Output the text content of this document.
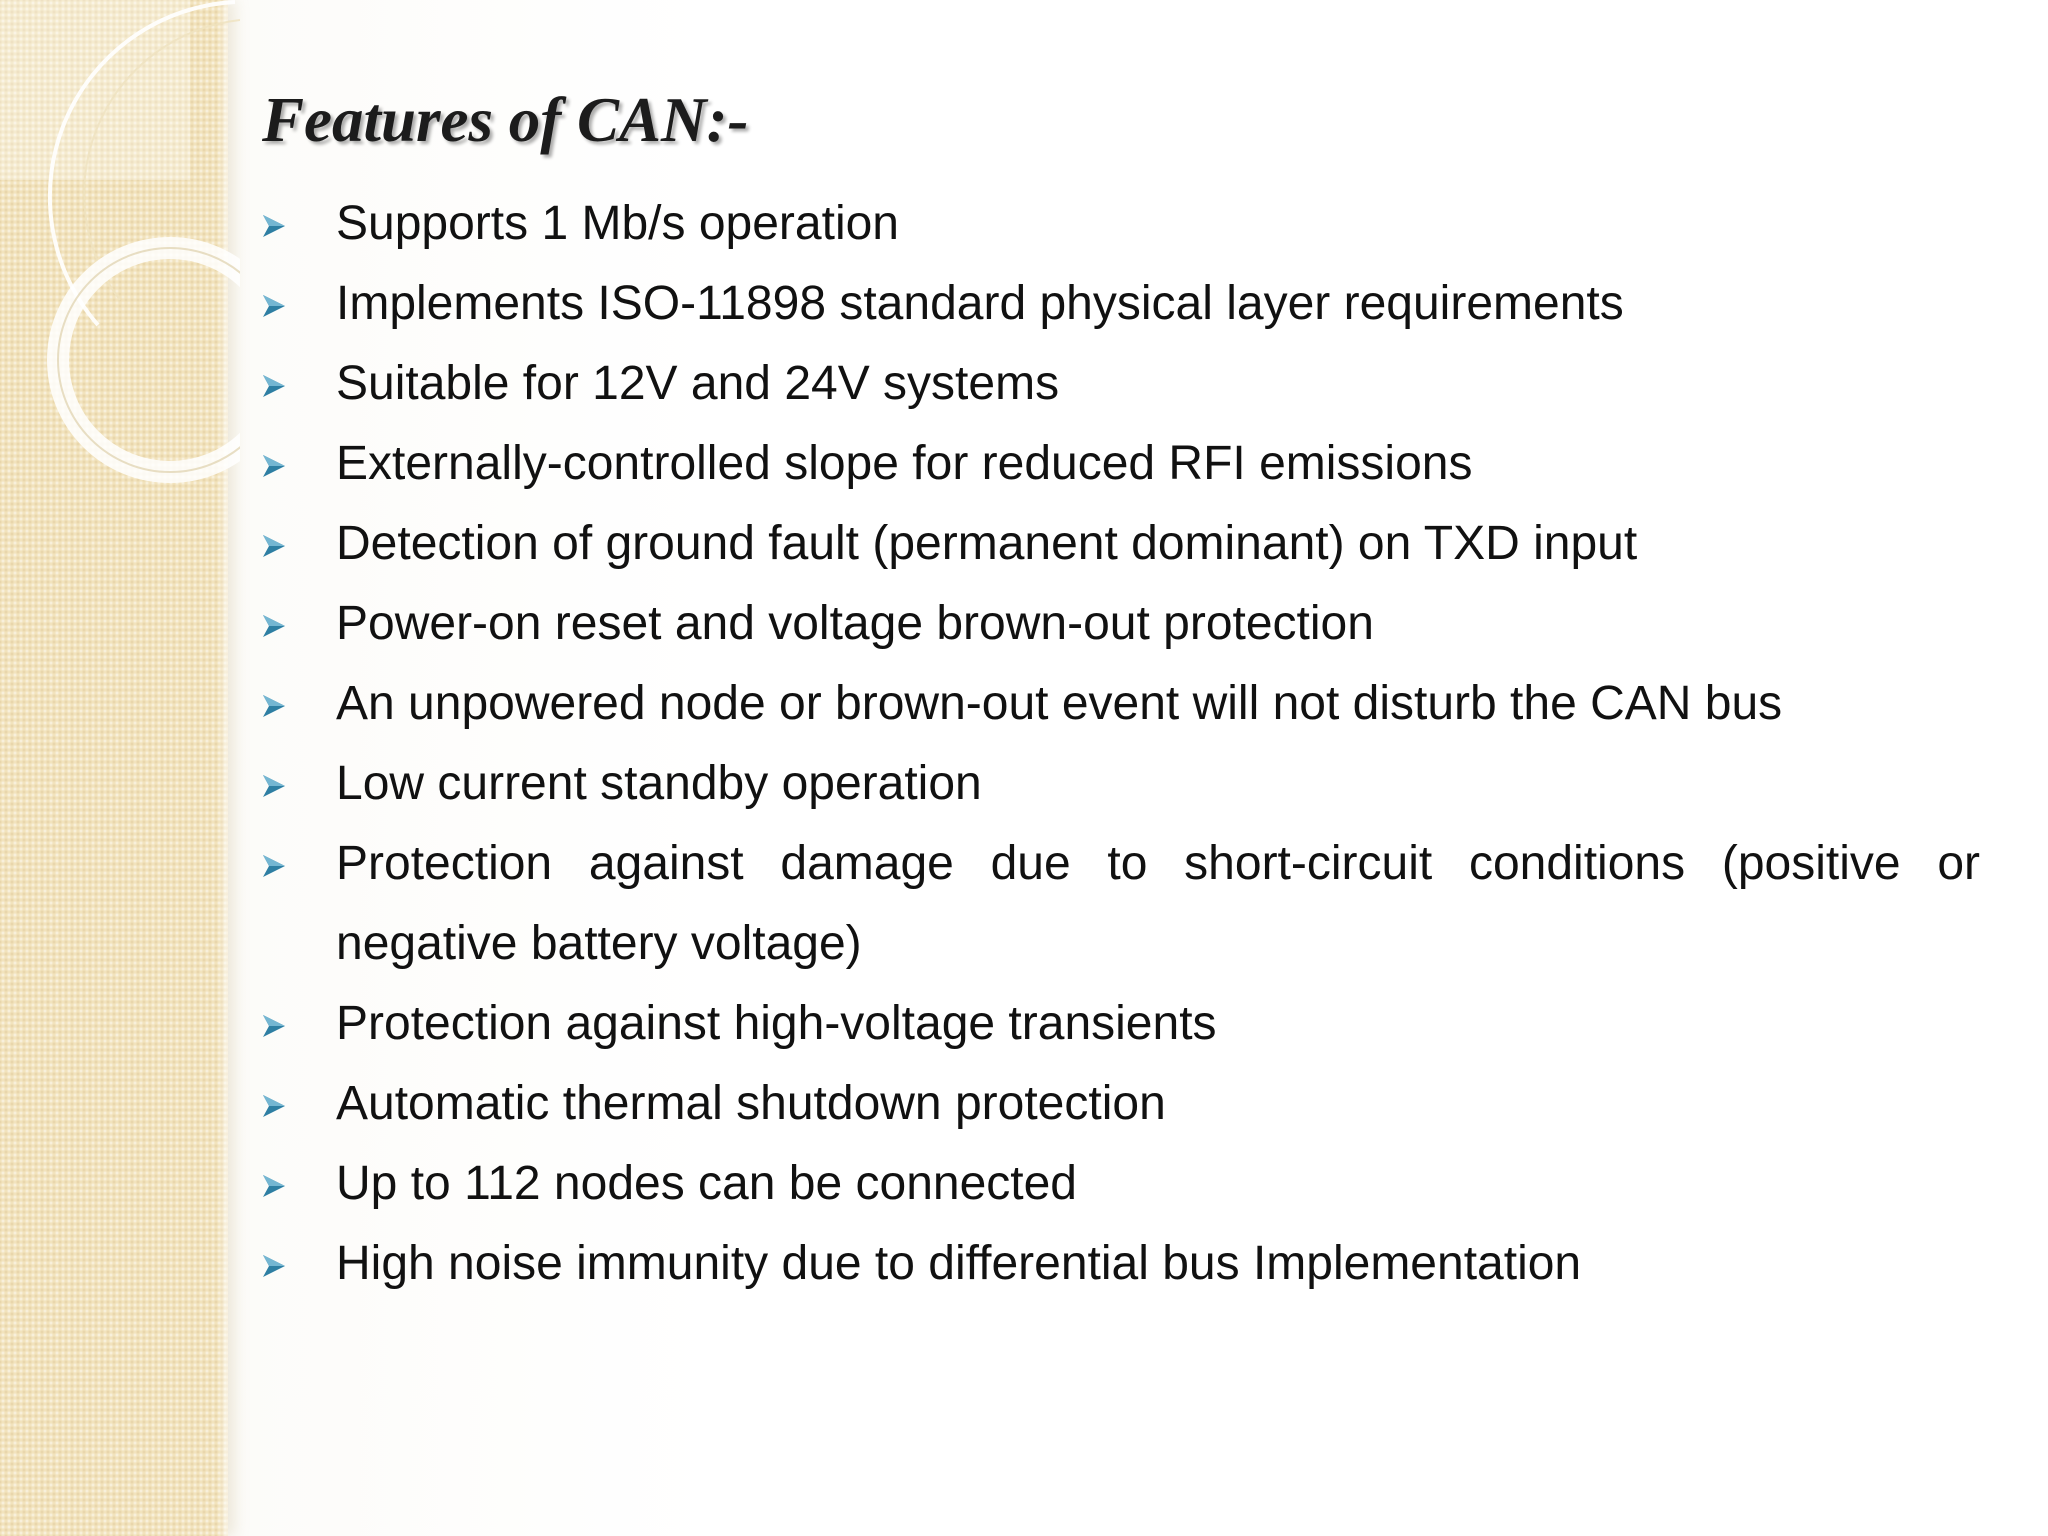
Features of CAN:-
Supports 1 Mb/s operation
Implements ISO-11898 standard physical layer requirements
Suitable for 12V and 24V systems
Externally-controlled slope for reduced RFI emissions
Detection of ground fault (permanent dominant) on TXD input
Power-on reset and voltage brown-out protection
An unpowered node or brown-out event will not disturb the CAN bus
Low current standby operation
Protection against damage due to short-circuit conditions (positive or negative battery voltage)
Protection against high-voltage transients
Automatic thermal shutdown protection
Up to 112 nodes can be connected
High noise immunity due to differential bus Implementation
